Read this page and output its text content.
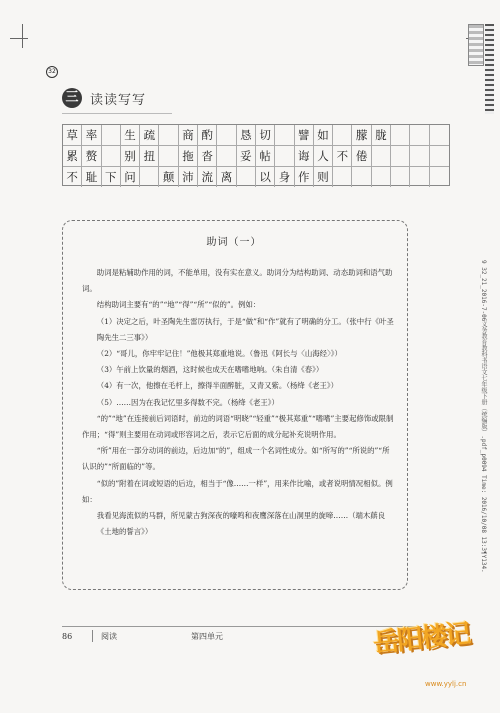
32
三 读读写写
草 率	生 疏	商 酌	恳 切	譬 如	朦 胧
累 赘	别 扭	拖 沓	妥 帖	诲 人 不 倦
不 耻 下 问	颠 沛 流 离	以 身 作 则
助词（一）

助词是粘辅助作用的词，不能单用，没有实在意义。助词分为结构助词、动态助词和语气助词。

结构助词主要有“的”“地”“得”“所”“似的”。例如：

（1）决定之后，叶圣陶先生雷厉执行，于是“做”和“作”就有了明确的分工。（张中行《叶圣陶先生二三事》）

（2）“哥儿，你牢牢记住！”他极其郑重地说。（鲁迅《阿长与〈山海经〉》）

（3）午前上饮量的烟酒，这时候也成天在嗜嗜地响。（朱自清《春》）

（4）有一次，他擦在毛杆上，擦得半面醉脏，又青又紫。（杨绛《老王》）

（5）……因为在我记忆里多得数不完。（杨绛《老王》）

“的”“地”在连接前后词语时，前边的词语“明晓”“轻重”“极其郑重”“嗜嗜”主要起修饰或限制作用；“得”则主要用在动词或形容词之后，表示它后面的成分起补充说明作用。

“所”用在一部分动词的前边，后边加“的”，组成一个名词性成分。如“所写的”“所说的”“所认识的”“所面临的”等。

“似的”附着在词或短语的后边，相当于“像……一样”，用来作比喻，或者说明情况相似。例如：

我看见海流似的马群，所见蒙古狗深夜的嚎鸣和夜鹰深落在山洞里的旋啼……（端木蕻良《土地的誓言》）	9 32_21_2016-7-06义务教育教科书语文七年级下册（统编版）.pdf_p0094 Time: 2016/10/08 13:3¶Y134.
86	阅读	第四单元	岳阳楼记
www.yylj.cn
